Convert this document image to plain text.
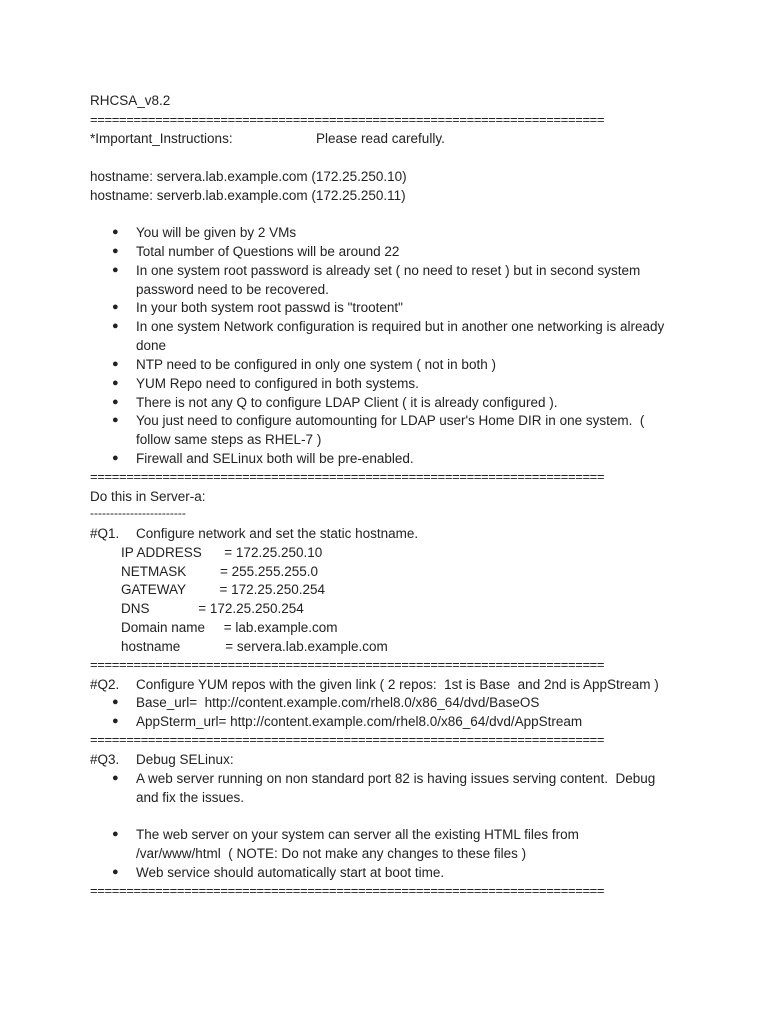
RHCSA_v8.2
=======================================================================
*Important_Instructions:	Please read carefully.
hostname: servera.lab.example.com (172.25.250.10)
hostname: serverb.lab.example.com (172.25.250.11)
● You will be given by 2 VMs
● Total number of Questions will be around 22
● In one system root password is already set ( no need to reset ) but in second system
password need to be recovered.
● In your both system root passwd is "trootent"
● In one system Network configuration is required but in another one networking is already
done
● NTP need to be configured in only one system ( not in both )
● YUM Repo need to configured in both systems.
● There is not any Q to configure LDAP Client ( it is already configured ).
● You just need to configure automounting for LDAP user's Home DIR in one system.  (
follow same steps as RHEL-7 )
● Firewall and SELinux both will be pre-enabled.
=======================================================================
Do this in Server-a:
------------------------
#Q1. Configure network and set the static hostname.
IP ADDRESS      = 172.25.250.10
NETMASK         = 255.255.255.0
GATEWAY         = 172.25.250.254
DNS             = 172.25.250.254
Domain name     = lab.example.com
hostname            = servera.lab.example.com
=======================================================================
#Q2. Configure YUM repos with the given link ( 2 repos:  1st is Base  and 2nd is AppStream )
● Base_url=  http://content.example.com/rhel8.0/x86_64/dvd/BaseOS
● AppSterm_url= http://content.example.com/rhel8.0/x86_64/dvd/AppStream
=======================================================================
#Q3. Debug SELinux:
● A web server running on non standard port 82 is having issues serving content.  Debug
and fix the issues.
● The web server on your system can server all the existing HTML files from
/var/www/html  ( NOTE: Do not make any changes to these files )
● Web service should automatically start at boot time.
=======================================================================
